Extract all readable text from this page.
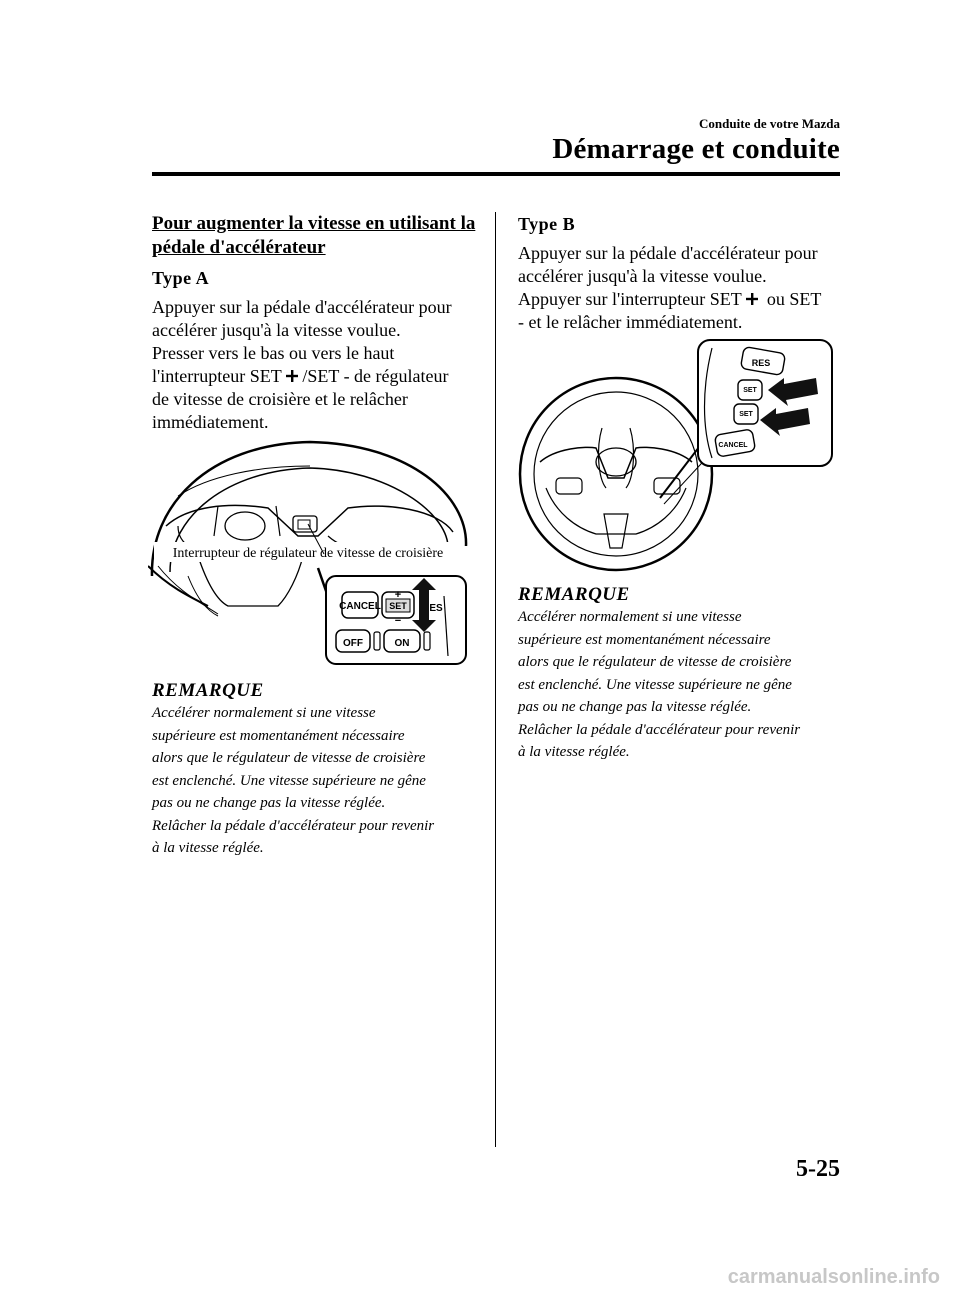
Conduite de votre Mazda
Démarrage et conduite
Pour augmenter la vitesse en utilisant la
pédale d'accélérateur
Type A
Appuyer sur la pédale d'accélérateur pour
accélérer jusqu'à la vitesse voulue.
Presser vers le bas ou vers le haut
l'interrupteur SET  /SET - de régulateur
de vitesse de croisière et le relâcher
immédiatement.
Interrupteur de régulateur de vitesse de croisière
CANCEL SET
+
−
ES
OFF	ON
REMARQUE
Accélérer normalement si une vitesse
supérieure est momentanément nécessaire
alors que le régulateur de vitesse de croisière
est enclenché. Une vitesse supérieure ne gêne
pas ou ne change pas la vitesse réglée.
Relâcher la pédale d'accélérateur pour revenir
à la vitesse réglée.
Type B
Appuyer sur la pédale d'accélérateur pour
accélérer jusqu'à la vitesse voulue.
Appuyer sur l'interrupteur SET   ou SET
- et le relâcher immédiatement.
RES
SET
SET
CANCEL
REMARQUE
Accélérer normalement si une vitesse
supérieure est momentanément nécessaire
alors que le régulateur de vitesse de croisière
est enclenché. Une vitesse supérieure ne gêne
pas ou ne change pas la vitesse réglée.
Relâcher la pédale d'accélérateur pour revenir
à la vitesse réglée.
5-25
carmanualsonline.info
